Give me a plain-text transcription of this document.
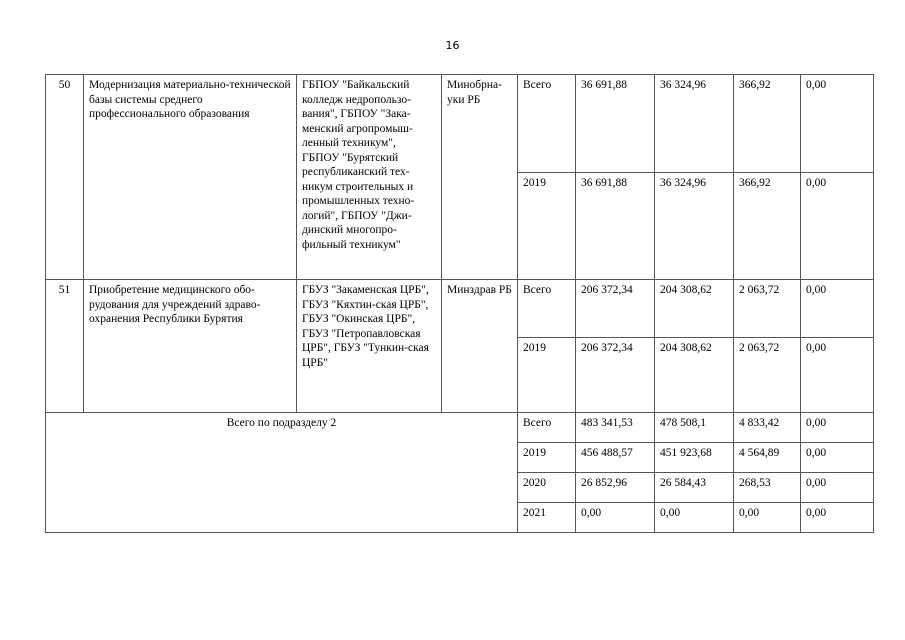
16
50	Модернизация материально-технической базы системы среднего профессионального образования	ГБПОУ "Байкальский колледж недропользо-вания", ГБПОУ "Зака-менский агропромыш-ленный техникум", ГБПОУ "Бурятский республиканский тех-никум строительных и промышленных техно-логий", ГБПОУ "Джи-динский многопро-фильный техникум"	Минобрна-уки РБ	Всего	36 691,88	36 324,96	366,92	0,00
				2019	36 691,88	36 324,96	366,92	0,00
51	Приобретение медицинского обо-рудования для учреждений здраво-охранения Республики Бурятия	ГБУЗ "Закаменская ЦРБ", ГБУЗ "Кяхтин-ская ЦРБ", ГБУЗ "Окинская ЦРБ", ГБУЗ "Петропавловская ЦРБ", ГБУЗ "Тункин-ская ЦРБ"	Минздрав РБ	Всего	206 372,34	204 308,62	2 063,72	0,00
				2019	206 372,34	204 308,62	2 063,72	0,00
Всего по подразделу 2				Всего	483 341,53	478 508,1	4 833,42	0,00
				2019	456 488,57	451 923,68	4 564,89	0,00
				2020	26 852,96	26 584,43	268,53	0,00
				2021	0,00	0,00	0,00	0,00
